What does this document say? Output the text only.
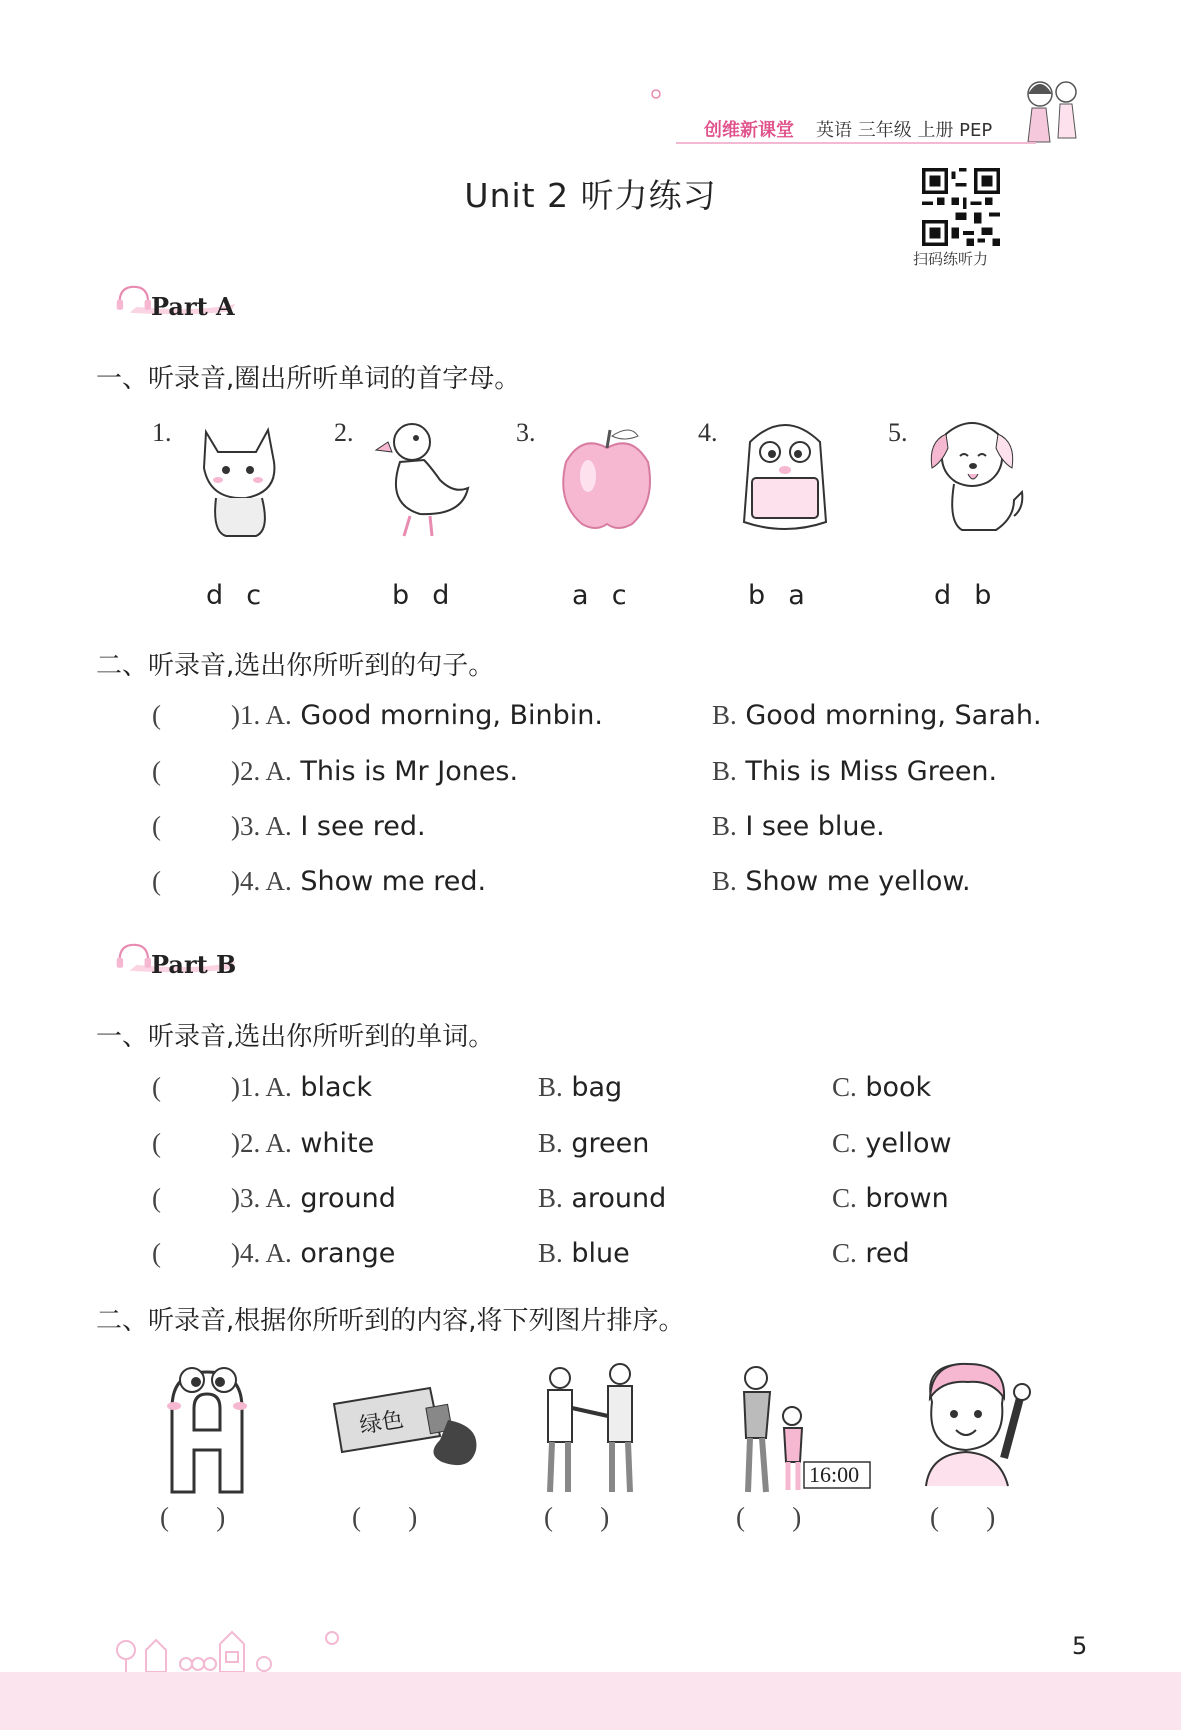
创维新课堂 英语 三年级 上册 PEP
Unit 2 听力练习
扫码练听力
Part A
一、听录音,圈出所听单词的首字母。
1.	2.	3.	4.	5.
d  c	b  d	a  c	b  a	d  b
二、听录音,选出你所听到的句子。
(	)1. A. Good morning, Binbin.	B. Good morning, Sarah.
(	)2. A. This is Mr Jones.	B. This is Miss Green.
(	)3. A. I see red.	B. I see blue.
(	)4. A. Show me red.	B. Show me yellow.
Part B
一、听录音,选出你所听到的单词。
(	)1. A. black	B. bag	C. book
(	)2. A. white	B. green	C. yellow
(	)3. A. ground	B. around	C. brown
(	)4. A. orange	B. blue	C. red
二、听录音,根据你所听到的内容,将下列图片排序。
绿色
16:00
(       )	(       )	(       )	(       )	(       )
5
